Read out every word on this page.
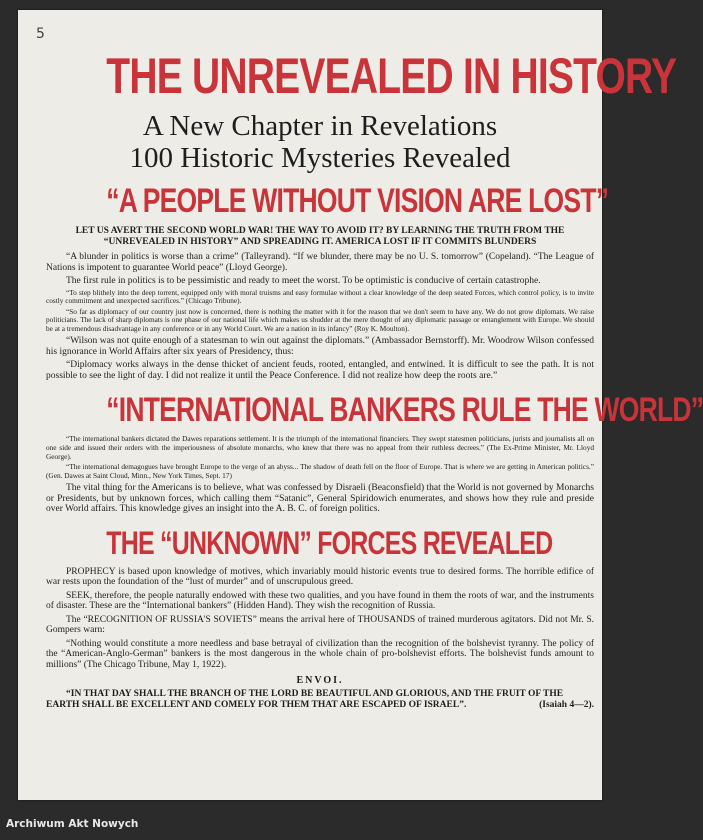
5
THE UNREVEALED IN HISTORY
A New Chapter in Revelations
100 Historic Mysteries Revealed
“A PEOPLE WITHOUT VISION ARE LOST”
LET US AVERT THE SECOND WORLD WAR! THE WAY TO AVOID IT? BY LEARNING THE TRUTH FROM THE “UNREVEALED IN HISTORY” AND SPREADING IT. AMERICA LOST IF IT COMMITS BLUNDERS

“A blunder in politics is worse than a crime” (Talleyrand). “If we blunder, there may be no U. S. tomorrow” (Copeland). “The League of Nations is impotent to guarantee World peace” (Lloyd George).

The first rule in politics is to be pessimistic and ready to meet the worst. To be optimistic is conducive of certain catastrophe.

“To step blithely into the deep torrent, equipped only with moral truisms and easy formulae without a clear knowledge of the deep seated Forces, which control policy, is to invite costly commitment and unexpected sacrifices.” (Chicago Tribune).

“So far as diplomacy of our country just now is concerned, there is nothing the matter with it for the reason that we don't seem to have any. We do not grow diplomats. We raise politicians. The lack of sharp diplomats is one phase of our national life which makes us shudder at the mere thought of any diplomatic passage or entanglement with Europe. We should be at a tremendous disadvantage in any conference or in any World Court. We are a nation in its infancy” (Roy K. Moulton).

“Wilson was not quite enough of a statesman to win out against the diplomats.” (Ambassador Bernstorff). Mr. Woodrow Wilson confessed his ignorance in World Affairs after six years of Presidency, thus:

“Diplomacy works always in the dense thicket of ancient feuds, rooted, entangled, and entwined. It is difficult to see the path. It is not possible to see the light of day. I did not realize it until the Peace Conference. I did not realize how deep the roots are.”

“INTERNATIONAL BANKERS RULE THE WORLD”

“The international bankers dictated the Dawes reparations settlement. It is the triumph of the international financiers. They swept statesmen politicians, jurists and journalists all on one side and issued their orders with the imperiousness of absolute monarchs, who knew that there was no appeal from their ruthless decrees.” (The Ex-Prime Minister, Mr. Lloyd George).

“The international demagogues have brought Europe to the verge of an abyss... The shadow of death fell on the floor of Europe. That is where we are getting in American politics.” (Gen. Dawes at Saint Cloud, Minn., New York Times, Sept. 17)

The vital thing for the Americans is to believe, what was confessed by Disraeli (Beaconsfield) that the World is not governed by Monarchs or Presidents, but by unknown forces, which calling them “Satanic”, General Spiridowich enumerates, and shows how they rule and preside over World affairs. This knowledge gives an insight into the A. B. C. of foreign politics.

THE “UNKNOWN” FORCES REVEALED

PROPHECY is based upon knowledge of motives, which invariably mould historic events true to desired forms. The horrible edifice of war rests upon the foundation of the “lust of murder” and of unscrupulous greed.

SEEK, therefore, the people naturally endowed with these two qualities, and you have found in them the roots of war, and the instruments of disaster. These are the “International bankers” (Hidden Hand). They wish the recognition of Russia.

The “RECOGNITION OF RUSSIA'S SOVIETS” means the arrival here of THOUSANDS of trained murderous agitators. Did not Mr. S. Gompers warn:

“Nothing would constitute a more needless and base betrayal of civilization than the recognition of the bolshevist tyranny. The policy of the “American-Anglo-German” bankers is the most dangerous in the whole chain of pro-bolshevist efforts. The bolshevist funds amount to millions” (The Chicago Tribune, May 1, 1922).

ENVOI.

“IN THAT DAY SHALL THE BRANCH OF THE LORD BE BEAUTIFUL AND GLORIOUS, AND THE FRUIT OF THE EARTH SHALL BE EXCELLENT AND COMELY FOR THEM THAT ARE ESCAPED OF ISRAEL”.	(Isaiah 4—2).

Archiwum Akt Nowych
